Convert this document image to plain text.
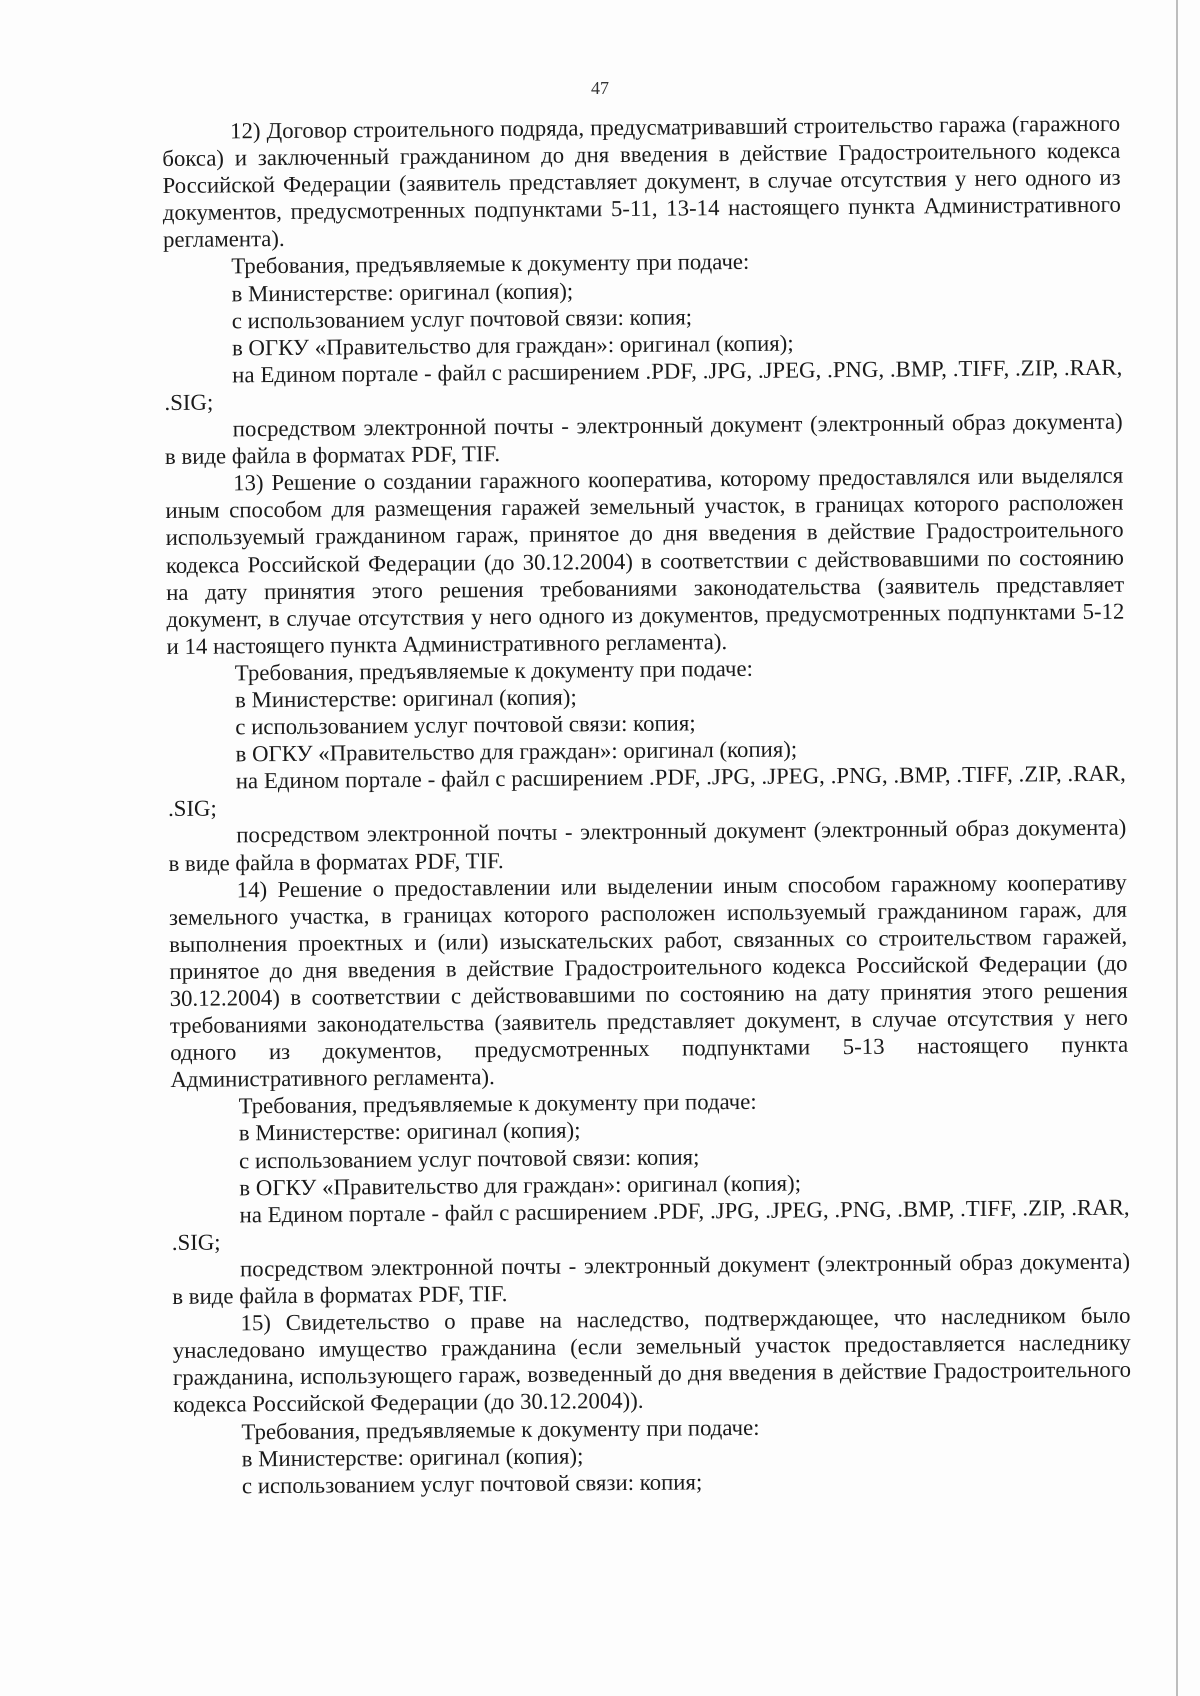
47

12) Договор строительного подряда, предусматривавший строительство гаража (гаражного бокса) и заключенный гражданином до дня введения в действие Градостроительного кодекса Российской Федерации (заявитель представляет документ, в случае отсутствия у него одного из документов, предусмотренных подпунктами 5-11, 13-14 настоящего пункта Административного регламента).

Требования, предъявляемые к документу при подаче:

в Министерстве: оригинал (копия);

с использованием услуг почтовой связи: копия;

в ОГКУ «Правительство для граждан»: оригинал (копия);

на Едином портале - файл с расширением .PDF, .JPG, .JPEG, .PNG, .BMP, .TIFF, .ZIP, .RAR, .SIG;

посредством электронной почты - электронный документ (электронный образ документа) в виде файла в форматах PDF, TIF.

13) Решение о создании гаражного кооператива, которому предоставлялся или выделялся иным способом для размещения гаражей земельный участок, в границах которого расположен используемый гражданином гараж, принятое до дня введения в действие Градостроительного кодекса Российской Федерации (до 30.12.2004) в соответствии с действовавшими по состоянию на дату принятия этого решения требованиями законодательства (заявитель представляет документ, в случае отсутствия у него одного из документов, предусмотренных подпунктами 5-12 и 14 настоящего пункта Административного регламента).

Требования, предъявляемые к документу при подаче:

в Министерстве: оригинал (копия);

с использованием услуг почтовой связи: копия;

в ОГКУ «Правительство для граждан»: оригинал (копия);

на Едином портале - файл с расширением .PDF, .JPG, .JPEG, .PNG, .BMP, .TIFF, .ZIP, .RAR, .SIG;

посредством электронной почты - электронный документ (электронный образ документа) в виде файла в форматах PDF, TIF.

14) Решение о предоставлении или выделении иным способом гаражному кооперативу земельного участка, в границах которого расположен используемый гражданином гараж, для выполнения проектных и (или) изыскательских работ, связанных со строительством гаражей, принятое до дня введения в действие Градостроительного кодекса Российской Федерации (до 30.12.2004) в соответствии с действовавшими по состоянию на дату принятия этого решения требованиями законодательства (заявитель представляет документ, в случае отсутствия у него одного из документов, предусмотренных подпунктами 5-13 настоящего пункта Административного регламента).

Требования, предъявляемые к документу при подаче:

в Министерстве: оригинал (копия);

с использованием услуг почтовой связи: копия;

в ОГКУ «Правительство для граждан»: оригинал (копия);

на Едином портале - файл с расширением .PDF, .JPG, .JPEG, .PNG, .BMP, .TIFF, .ZIP, .RAR, .SIG;

посредством электронной почты - электронный документ (электронный образ документа) в виде файла в форматах PDF, TIF.

15) Свидетельство о праве на наследство, подтверждающее, что наследником было унаследовано имущество гражданина (если земельный участок предоставляется наследнику гражданина, использующего гараж, возведенный до дня введения в действие Градостроительного кодекса Российской Федерации (до 30.12.2004)).

Требования, предъявляемые к документу при подаче:

в Министерстве: оригинал (копия);

с использованием услуг почтовой связи: копия;
